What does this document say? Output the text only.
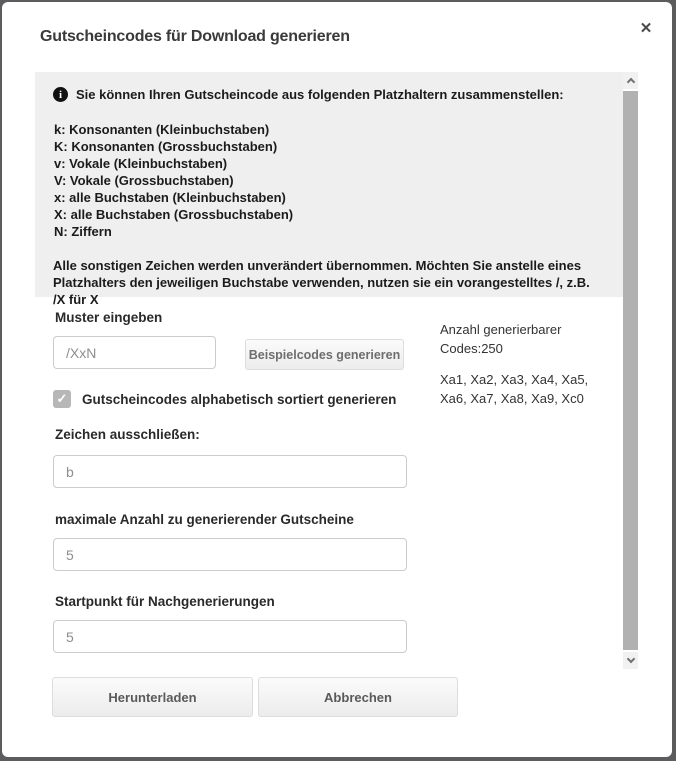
Gutscheincodes für Download generieren	✕
i	Sie können Ihren Gutscheincode aus folgenden Platzhaltern zusammenstellen:
k: Konsonanten (Kleinbuchstaben)
K: Konsonanten (Grossbuchstaben)
v: Vokale (Kleinbuchstaben)
V: Vokale (Grossbuchstaben)
x: alle Buchstaben (Kleinbuchstaben)
X: alle Buchstaben (Grossbuchstaben)
N: Ziffern
Alle sonstigen Zeichen werden unverändert übernommen. Möchten Sie anstelle eines Platzhalters den jeweiligen Buchstabe verwenden, nutzen sie ein vorangestelltes /, z.B. /X für X
Muster eingeben
/XxN
Beispielcodes generieren
Anzahl generierbarer Codes:250
Xa1, Xa2, Xa3, Xa4, Xa5, Xa6, Xa7, Xa8, Xa9, Xc0
✓ Gutscheincodes alphabetisch sortiert generieren
Zeichen ausschließen:
b
maximale Anzahl zu generierender Gutscheine
5
Startpunkt für Nachgenerierungen
5
Herunterladen	Abbrechen
